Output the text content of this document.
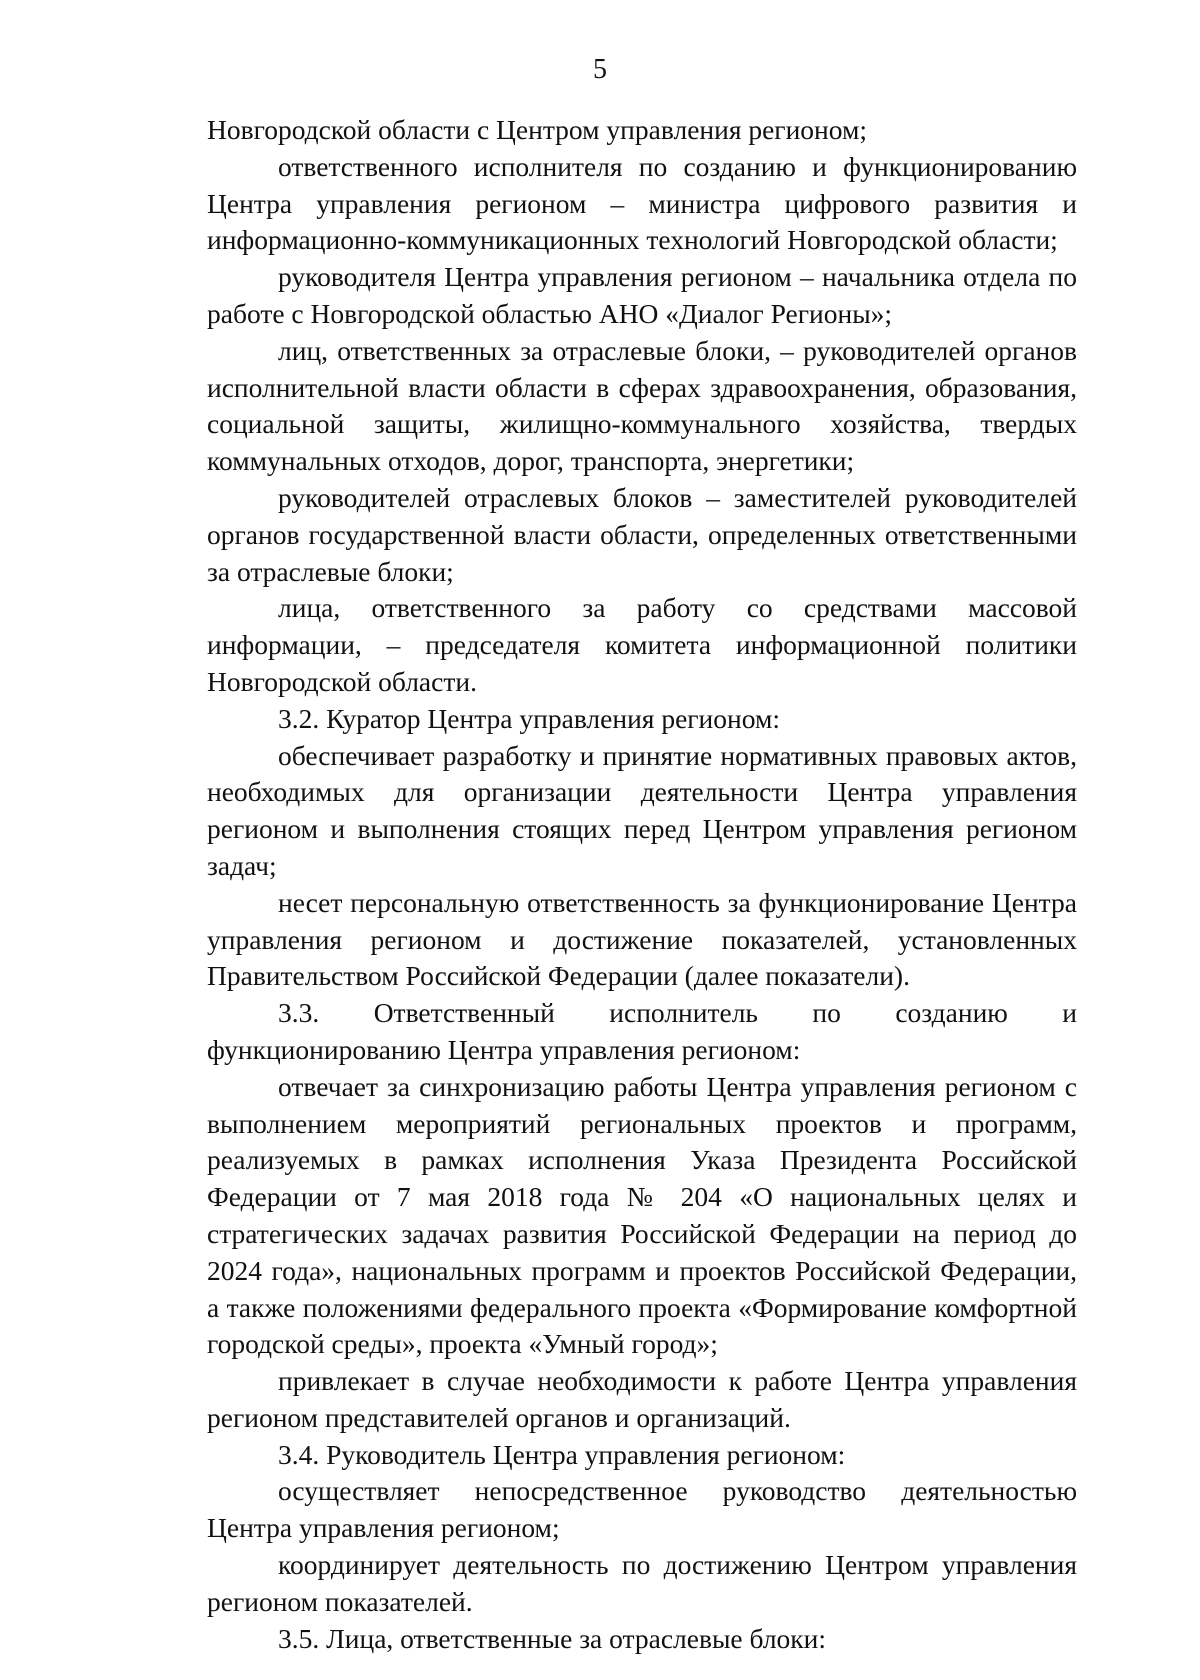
5

Новгородской области с Центром управления регионом;

ответственного исполнителя по созданию и функционированию Центра управления регионом – министра цифрового развития и информационно-коммуникационных технологий Новгородской области;

руководителя Центра управления регионом – начальника отдела по работе с Новгородской областью АНО «Диалог Регионы»;

лиц, ответственных за отраслевые блоки, – руководителей органов исполнительной власти области в сферах здравоохранения, образования, социальной защиты, жилищно-коммунального хозяйства, твердых коммунальных отходов, дорог, транспорта, энергетики;

руководителей отраслевых блоков – заместителей руководителей органов государственной власти области, определенных ответственными за отраслевые блоки;

лица, ответственного за работу со средствами массовой информации, – председателя комитета информационной политики Новгородской области.

3.2. Куратор Центра управления регионом:

обеспечивает разработку и принятие нормативных правовых актов, необходимых для организации деятельности Центра управления регионом и выполнения стоящих перед Центром управления регионом задач;

несет персональную ответственность за функционирование Центра управления регионом и достижение показателей, установленных Правительством Российской Федерации (далее показатели).

3.3. Ответственный исполнитель по созданию и функционированию Центра управления регионом:

отвечает за синхронизацию работы Центра управления регионом с выполнением мероприятий региональных проектов и программ, реализуемых в рамках исполнения Указа Президента Российской Федерации от 7 мая 2018 года № 204 «О национальных целях и стратегических задачах развития Российской Федерации на период до 2024 года», национальных программ и проектов Российской Федерации, а также положениями федерального проекта «Формирование комфортной городской среды», проекта «Умный город»;

привлекает в случае необходимости к работе Центра управления регионом представителей органов и организаций.

3.4. Руководитель Центра управления регионом:

осуществляет непосредственное руководство деятельностью Центра управления регионом;

координирует деятельность по достижению Центром управления регионом показателей.

3.5. Лица, ответственные за отраслевые блоки:
